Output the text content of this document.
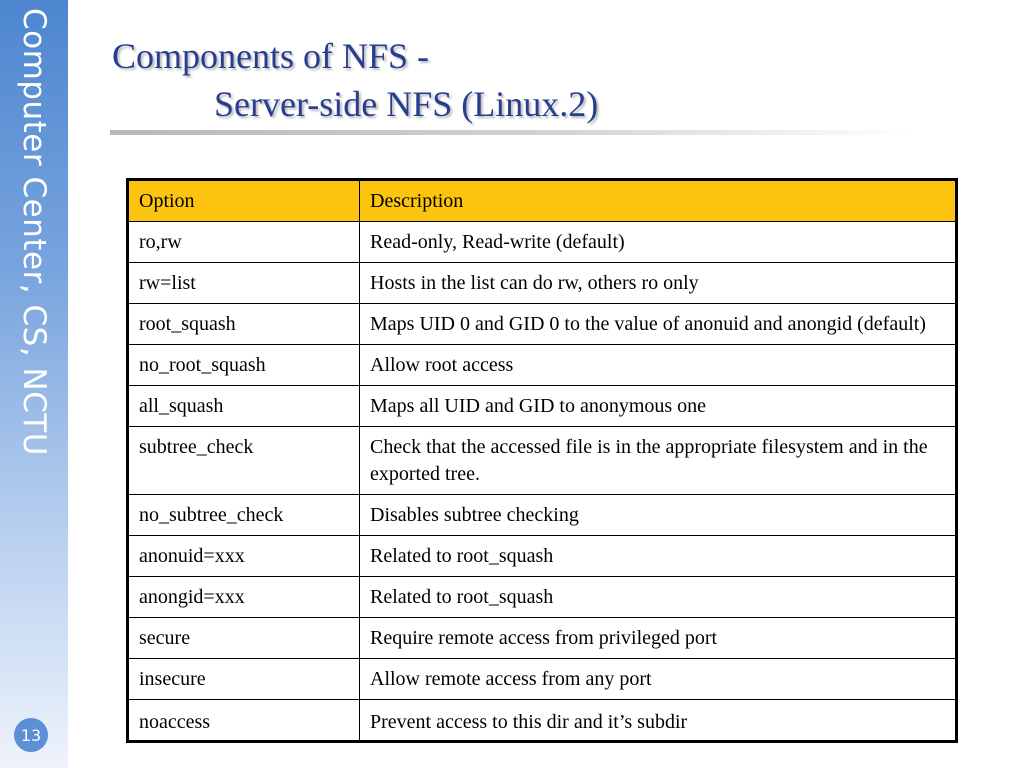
Computer Center, CS, NCTU
13
Components of NFS -
Server-side NFS (Linux.2)
Option	Description
ro,rw	Read-only, Read-write (default)
rw=list	Hosts in the list can do rw, others ro only
root_squash	Maps UID 0 and GID 0 to the value of anonuid and anongid (default)
no_root_squash	Allow root access
all_squash	Maps all UID and GID to anonymous one
subtree_check	Check that the accessed file is in the appropriate filesystem and in the exported tree.
no_subtree_check	Disables subtree checking
anonuid=xxx	Related to root_squash
anongid=xxx	Related to root_squash
secure	Require remote access from privileged port
insecure	Allow remote access from any port
noaccess	Prevent access to this dir and it’s subdir
